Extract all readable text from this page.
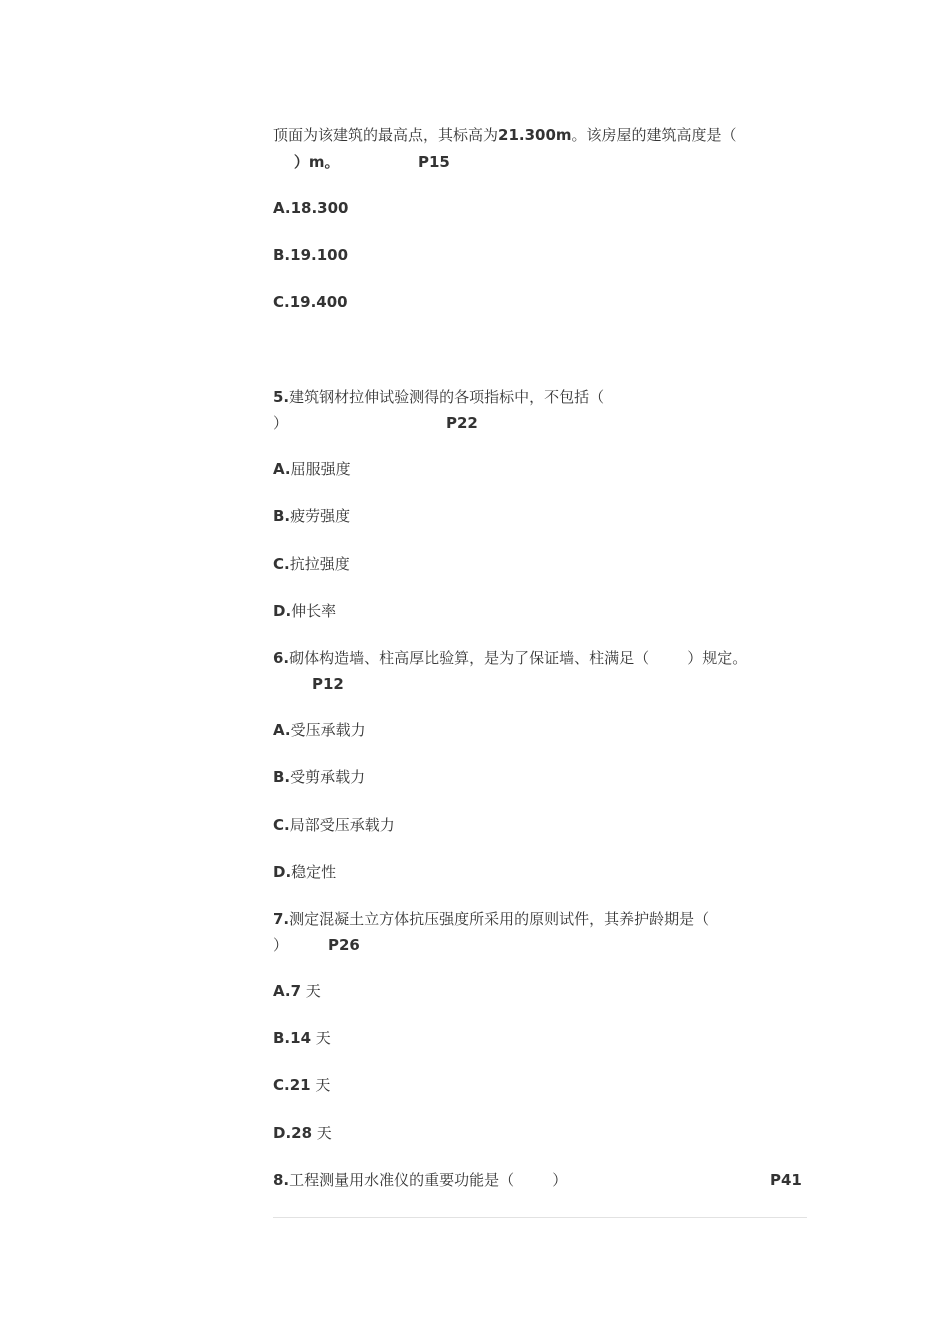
顶面为该建筑的最高点，其标高为21.300m。该房屋的建筑高度是（
）m。	P15
A.18.300
B.19.100
C.19.400
5.建筑钢材拉伸试验测得的各项指标中，不包括（
）	P22
A.屈服强度
B.疲劳强度
C.抗拉强度
D.伸长率
6.砌体构造墙、柱高厚比验算，是为了保证墙、柱满足（        ）规定。
P12
A.受压承载力
B.受剪承载力
C.局部受压承载力
D.稳定性
7.测定混凝土立方体抗压强度所采用的原则试件，其养护龄期是（
）	P26
A.7 天
B.14 天
C.21 天
D.28 天
8.工程测量用水准仪的重要功能是（        ）	P41
